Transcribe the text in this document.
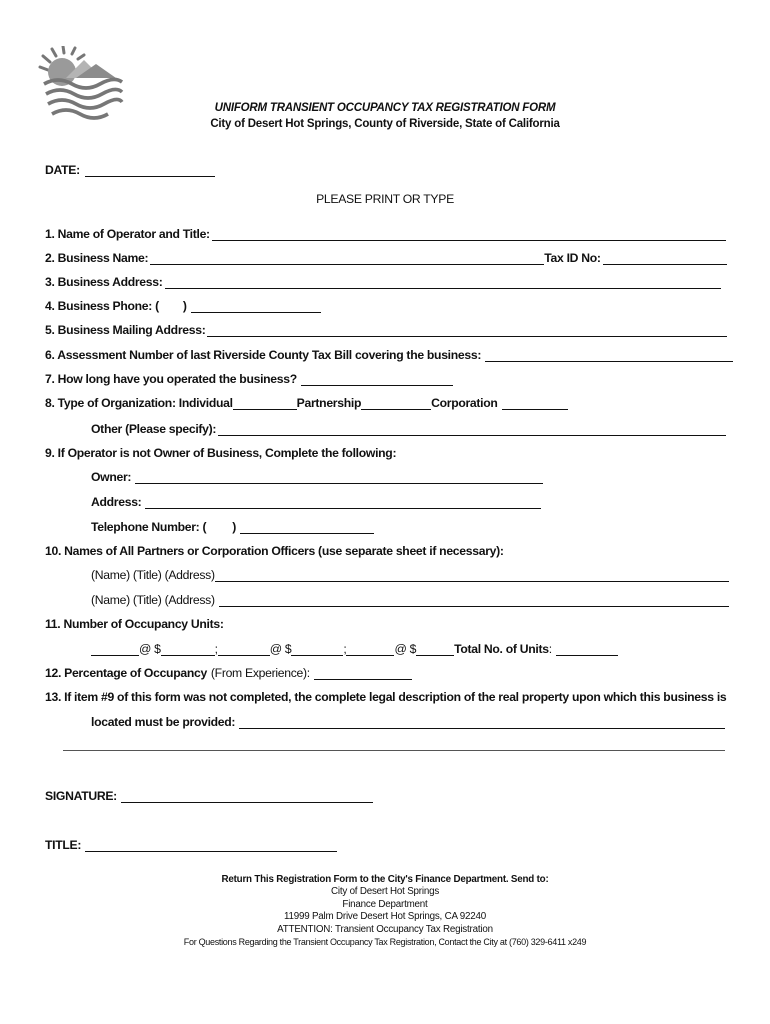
UNIFORM TRANSIENT OCCUPANCY TAX REGISTRATION FORM
City of Desert Hot Springs, County of Riverside, State of California
DATE:
PLEASE PRINT OR TYPE
1. Name of Operator and Title:
2. Business Name:	Tax ID No:
3. Business Address:
4. Business Phone: ( )
5. Business Mailing Address:
6. Assessment Number of last Riverside County Tax Bill covering the business:
7. How long have you operated the business?
8. Type of Organization: Individual	Partnership	Corporation
Other (Please specify):
9. If Operator is not Owner of Business, Complete the following:
Owner:
Address:
Telephone Number: ( )
10. Names of All Partners or Corporation Officers (use separate sheet if necessary):
(Name) (Title) (Address)
(Name) (Title) (Address)
11. Number of Occupancy Units:
@ $	;	@ $	;	@ $	Total No. of Units :
12. Percentage of Occupancy (From Experience):
13. If item #9 of this form was not completed, the complete legal description of the real property upon which this business is
located must be provided:
SIGNATURE:
TITLE:
Return This Registration Form to the City's Finance Department. Send to:
City of Desert Hot Springs
Finance Department
11999 Palm Drive Desert Hot Springs, CA 92240
ATTENTION: Transient Occupancy Tax Registration
For Questions Regarding the Transient Occupancy Tax Registration, Contact the City at (760) 329-6411 x249
